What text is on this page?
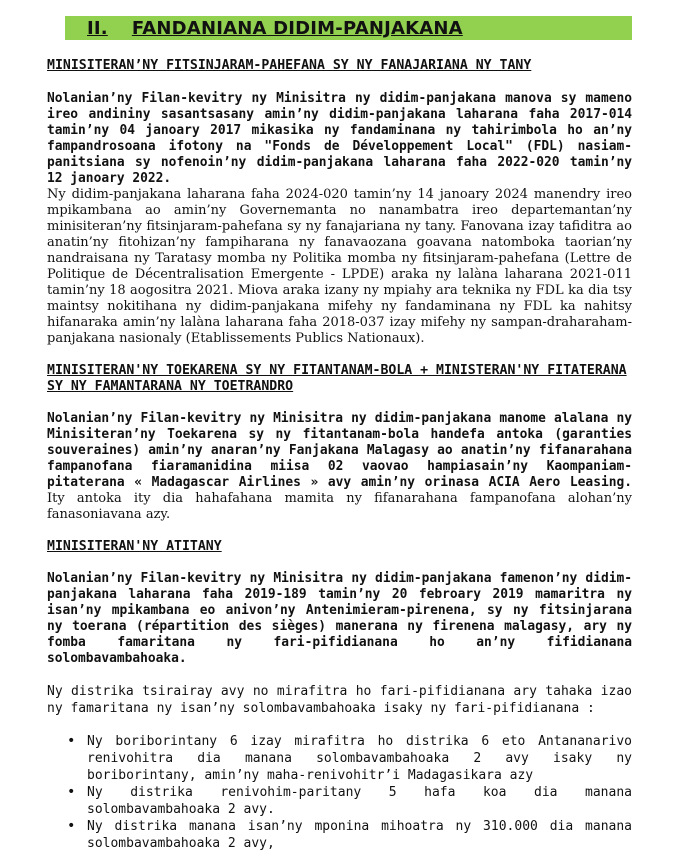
II. FANDANIANA DIDIM-PANJAKANA
MINISITERAN’NY FITSINJARAM-PAHEFANA SY NY FANAJARIANA NY TANY
Nolanian’ny Filan-kevitry ny Minisitra ny didim-panjakana manova sy mameno ireo andininy sasantsasany amin’ny didim-panjakana laharana faha 2017-014 tamin’ny 04 janoary 2017 mikasika ny fandaminana ny tahirimbola ho an’ny fampandrosoana ifotony na "Fonds de Développement Local" (FDL) nasiam-panitsiana sy nofenoin’ny didim-panjakana laharana faha 2022-020 tamin’ny 12 janoary 2022.
Ny didim-panjakana laharana faha 2024-020 tamin’ny 14 janoary 2024 manendry ireo mpikambana ao amin’ny Governemanta no nanambatra ireo departemantan’ny minisiteran’ny fitsinjaram-pahefana sy ny fanajariana ny tany. Fanovana izay tafiditra ao anatin’ny fitohizan’ny fampiharana ny fanavaozana goavana natomboka taorian’ny nandraisana ny Taratasy momba ny Politika momba ny fitsinjaram-pahefana (Lettre de Politique de Décentralisation Emergente - LPDE) araka ny lalàna laharana 2021-011 tamin’ny 18 aogositra 2021. Miova araka izany ny mpiahy ara teknika ny FDL ka dia tsy maintsy nokitihana ny didim-panjakana mifehy ny fandaminana ny FDL ka nahitsy hifanaraka amin’ny lalàna laharana faha 2018-037 izay mifehy ny sampan-draharaham-panjakana nasionaly (Etablissements Publics Nationaux).
MINISITERAN'NY TOEKARENA SY NY FITANTANAM-BOLA + MINISTERAN'NY FITATERANA SY NY FAMANTARANA NY TOETRANDRO
Nolanian’ny Filan-kevitry ny Minisitra ny didim-panjakana manome alalana ny Minisiteran’ny Toekarena sy ny fitantanam-bola handefa antoka (garanties souveraines) amin’ny anaran’ny Fanjakana Malagasy ao anatin’ny fifanarahana fampanofana fiaramanidina miisa 02 vaovao hampiasain’ny Kaompaniam-pitaterana « Madagascar Airlines » avy amin’ny orinasa ACIA Aero Leasing. Ity antoka ity dia hahafahana mamita ny fifanarahana fampanofana alohan’ny fanasoniavana azy.
MINISITERAN'NY ATITANY
Nolanian’ny Filan-kevitry ny Minisitra ny didim-panjakana famenon’ny didim-panjakana laharana faha 2019-189 tamin’ny 20 febroary 2019 mamaritra ny isan’ny mpikambana eo anivon’ny Antenimieram-pirenena, sy ny fitsinjarana ny toerana (répartition des sièges) manerana ny firenena malagasy, ary ny fomba famaritana ny fari-pifidianana ho an’ny fifidianana solombavambahoaka.
Ny distrika tsirairay avy no mirafitra ho fari-pifidianana ary tahaka izao ny famaritana ny isan’ny solombavambahoaka isaky ny fari-pifidianana :
• Ny boriborintany 6 izay mirafitra ho distrika 6 eto Antananarivo renivohitra dia manana solombavambahoaka 2 avy isaky ny boriborintany, amin’ny maha-renivohitr’i Madagasikara azy
• Ny distrika renivohim-paritany 5 hafa koa dia manana solombavambahoaka 2 avy.
• Ny distrika manana isan’ny mponina mihoatra ny 310.000 dia manana solombavambahoaka 2 avy,
